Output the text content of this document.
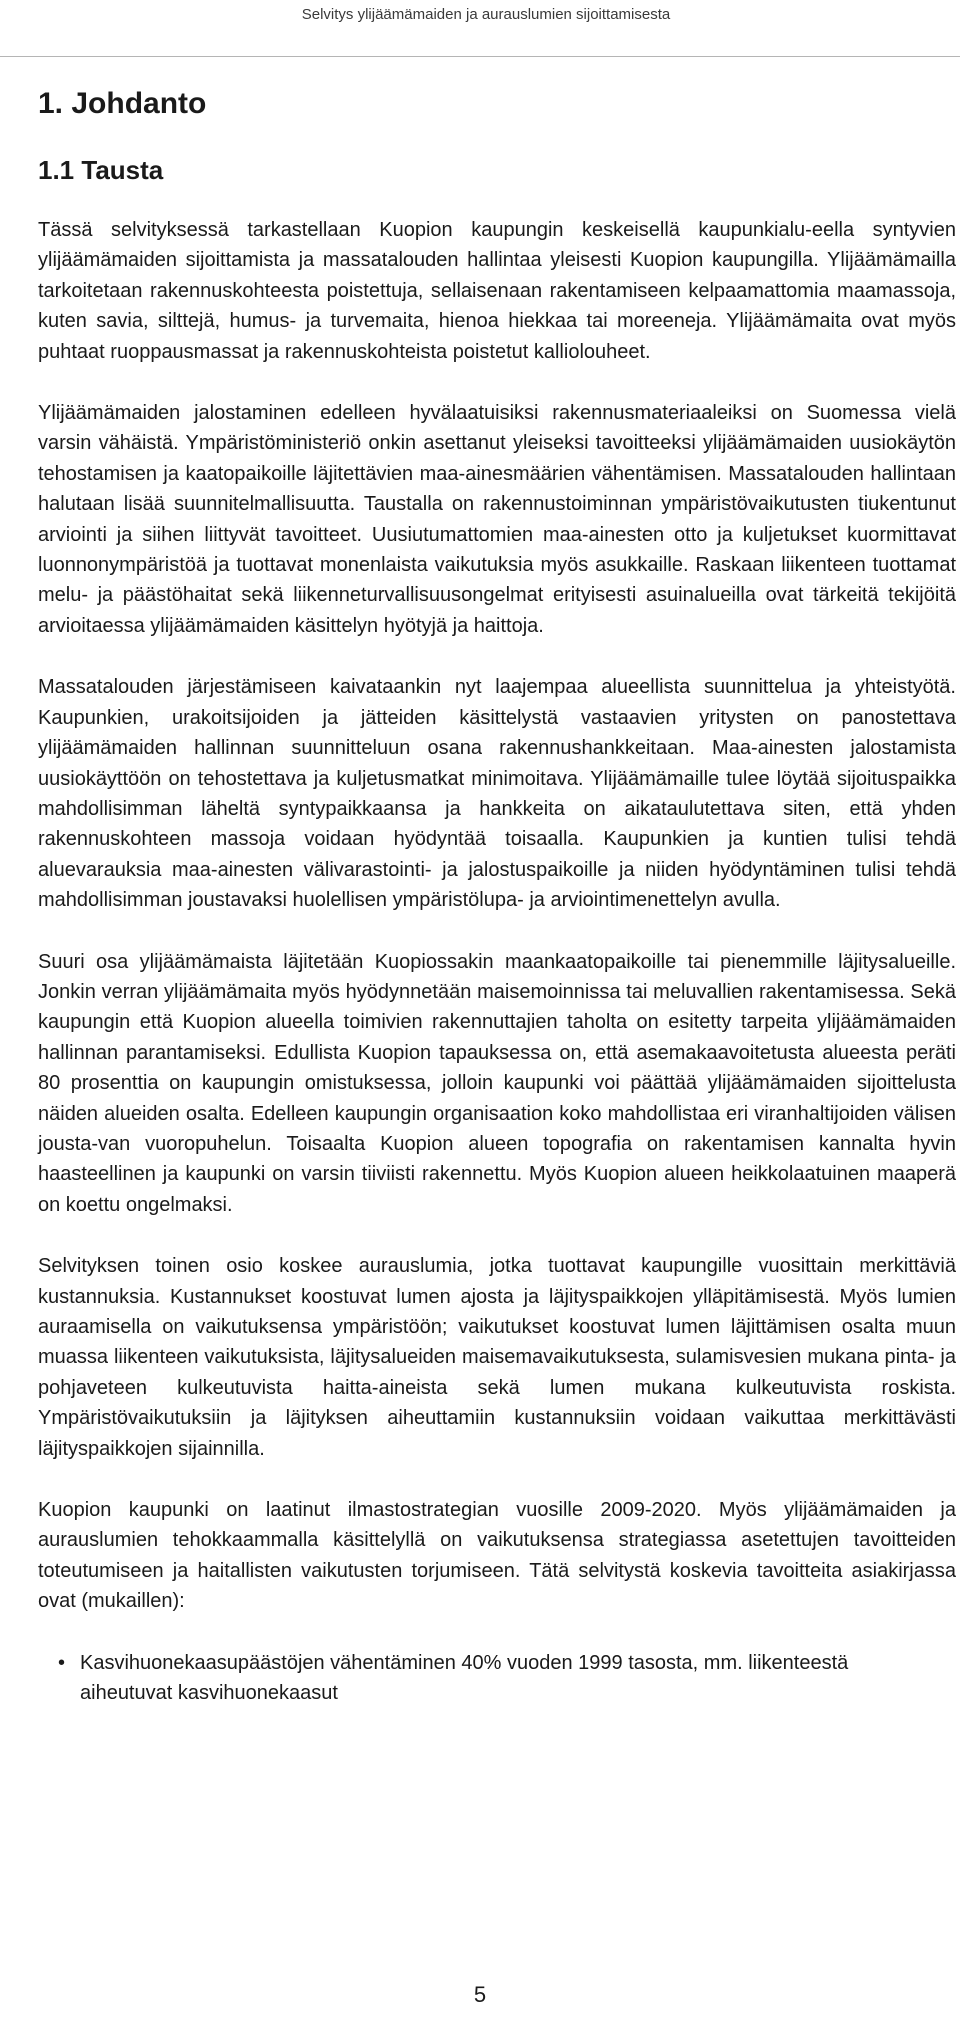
Selvitys ylijäämämaiden ja aurauslumien sijoittamisesta
1. Johdanto
1.1 Tausta

Tässä selvityksessä tarkastellaan Kuopion kaupungin keskeisellä kaupunkialu-eella syntyvien ylijäämämaiden sijoittamista ja massatalouden hallintaa yleisesti Kuopion kaupungilla. Ylijäämämailla tarkoitetaan rakennuskohteesta poistettuja, sellaisenaan rakentamiseen kelpaamattomia maamassoja, kuten savia, silttejä, humus- ja turvemaita, hienoa hiekkaa tai moreeneja. Ylijäämämaita ovat myös puhtaat ruoppausmassat ja rakennuskohteista poistetut kalliolouheet.

Ylijäämämaiden jalostaminen edelleen hyvälaatuisiksi rakennusmateriaaleiksi on Suomessa vielä varsin vähäistä. Ympäristöministeriö onkin asettanut yleiseksi tavoitteeksi ylijäämämaiden uusiokäytön tehostamisen ja kaatopaikoille läjitettävien maa-ainesmäärien vähentämisen. Massatalouden hallintaan halutaan lisää suunnitelmallisuutta. Taustalla on rakennustoiminnan ympäristövaikutusten tiukentunut arviointi ja siihen liittyvät tavoitteet. Uusiutumattomien maa-ainesten otto ja kuljetukset kuormittavat luonnonympäristöä ja tuottavat monenlaista vaikutuksia myös asukkaille. Raskaan liikenteen tuottamat melu- ja päästöhaitat sekä liikenneturvallisuusongelmat erityisesti asuinalueilla ovat tärkeitä tekijöitä arvioitaessa ylijäämämaiden käsittelyn hyötyjä ja haittoja.

Massatalouden järjestämiseen kaivataankin nyt laajempaa alueellista suunnittelua ja yhteistyötä. Kaupunkien, urakoitsijoiden ja jätteiden käsittelystä vastaavien yritysten on panostettava ylijäämämaiden hallinnan suunnitteluun osana rakennushankkeitaan. Maa-ainesten jalostamista uusiokäyttöön on tehostettava ja kuljetusmatkat minimoitava. Ylijäämämaille tulee löytää sijoituspaikka mahdollisimman läheltä syntypaikkaansa ja hankkeita on aikataulutettava siten, että yhden rakennuskohteen massoja voidaan hyödyntää toisaalla. Kaupunkien ja kuntien tulisi tehdä aluevarauksia maa-ainesten välivarastointi- ja jalostuspaikoille ja niiden hyödyntäminen tulisi tehdä mahdollisimman joustavaksi huolellisen ympäristölupa- ja arviointimenettelyn avulla.

Suuri osa ylijäämämaista läjitetään Kuopiossakin maankaatopaikoille tai pienemmille läjitysalueille. Jonkin verran ylijäämämaita myös hyödynnetään maisemoinnissa tai meluvallien rakentamisessa. Sekä kaupungin että Kuopion alueella toimivien rakennuttajien taholta on esitetty tarpeita ylijäämämaiden hallinnan parantamiseksi. Edullista Kuopion tapauksessa on, että asemakaavoitetusta alueesta peräti 80 prosenttia on kaupungin omistuksessa, jolloin kaupunki voi päättää ylijäämämaiden sijoittelusta näiden alueiden osalta. Edelleen kaupungin organisaation koko mahdollistaa eri viranhaltijoiden välisen jousta-van vuoropuhelun. Toisaalta Kuopion alueen topografia on rakentamisen kannalta hyvin haasteellinen ja kaupunki on varsin tiiviisti rakennettu. Myös Kuopion alueen heikkolaatuinen maaperä on koettu ongelmaksi.

Selvityksen toinen osio koskee aurauslumia, jotka tuottavat kaupungille vuosittain merkittäviä kustannuksia. Kustannukset koostuvat lumen ajosta ja läjityspaikkojen ylläpitämisestä. Myös lumien auraamisella on vaikutuksensa ympäristöön; vaikutukset koostuvat lumen läjittämisen osalta muun muassa liikenteen vaikutuksista, läjitysalueiden maisemavaikutuksesta, sulamisvesien mukana pinta- ja pohjaveteen kulkeutuvista haitta-aineista sekä lumen mukana kulkeutuvista roskista. Ympäristövaikutuksiin ja läjityksen aiheuttamiin kustannuksiin voidaan vaikuttaa merkittävästi läjityspaikkojen sijainnilla.

Kuopion kaupunki on laatinut ilmastostrategian vuosille 2009-2020. Myös ylijäämämaiden ja aurauslumien tehokkaammalla käsittelyllä on vaikutuksensa strategiassa asetettujen tavoitteiden toteutumiseen ja haitallisten vaikutusten torjumiseen. Tätä selvitystä koskevia tavoitteita asiakirjassa ovat (mukaillen):

• Kasvihuonekaasupäästöjen vähentäminen 40% vuoden 1999 tasosta, mm. liikenteestä aiheutuvat kasvihuonekaasut
5
